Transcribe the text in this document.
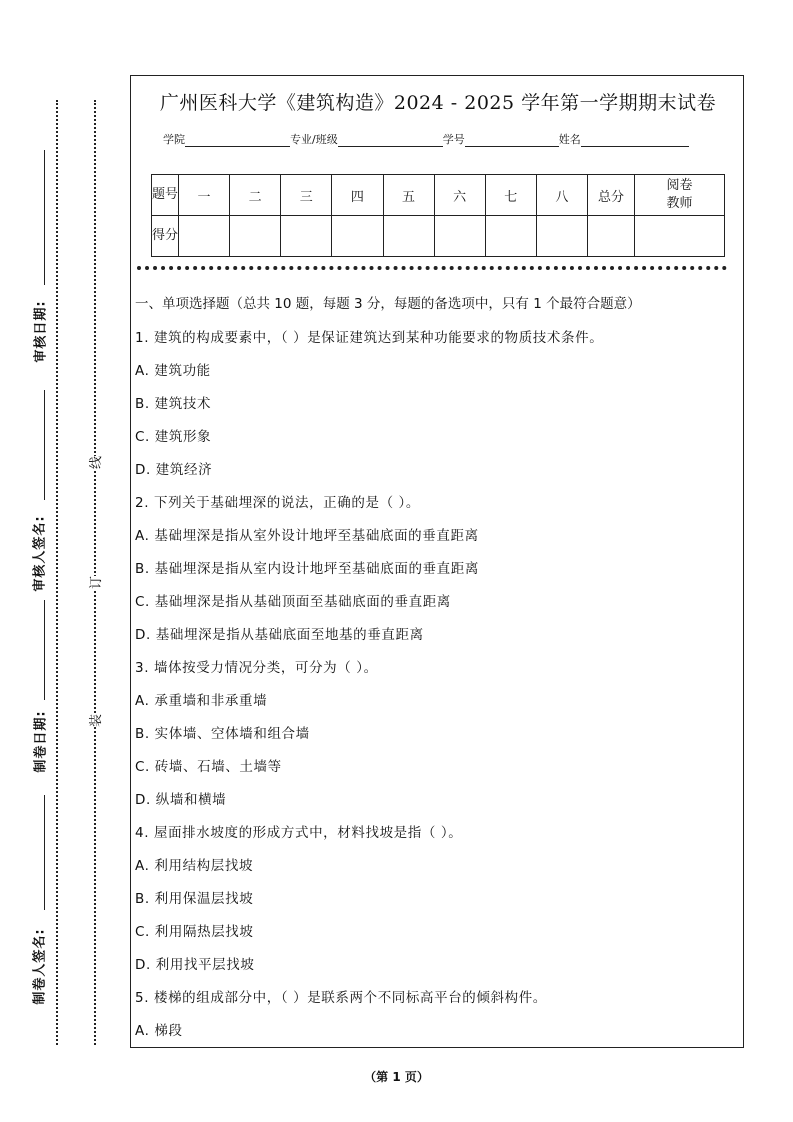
审核日期:
审核人签名:
制卷日期:
制卷人签名:
线
订
装
广州医科大学《建筑构造》2024 - 2025 学年第一学期期末试卷
学院	专业/班级	学号	姓名
题号	一	二	三	四	五	六	七	八	总分	阅卷教师
得分										
一、单项选择题（总共 10 题，每题 3 分，每题的备选项中，只有 1 个最符合题意）
1. 建筑的构成要素中，（ ）是保证建筑达到某种功能要求的物质技术条件。
A. 建筑功能
B. 建筑技术
C. 建筑形象
D. 建筑经济
2. 下列关于基础埋深的说法，正确的是（ ）。
A. 基础埋深是指从室外设计地坪至基础底面的垂直距离
B. 基础埋深是指从室内设计地坪至基础底面的垂直距离
C. 基础埋深是指从基础顶面至基础底面的垂直距离
D. 基础埋深是指从基础底面至地基的垂直距离
3. 墙体按受力情况分类，可分为（ ）。
A. 承重墙和非承重墙
B. 实体墙、空体墙和组合墙
C. 砖墙、石墙、土墙等
D. 纵墙和横墙
4. 屋面排水坡度的形成方式中，材料找坡是指（ ）。
A. 利用结构层找坡
B. 利用保温层找坡
C. 利用隔热层找坡
D. 利用找平层找坡
5. 楼梯的组成部分中，（ ）是联系两个不同标高平台的倾斜构件。
A. 梯段
（第 1 页）
